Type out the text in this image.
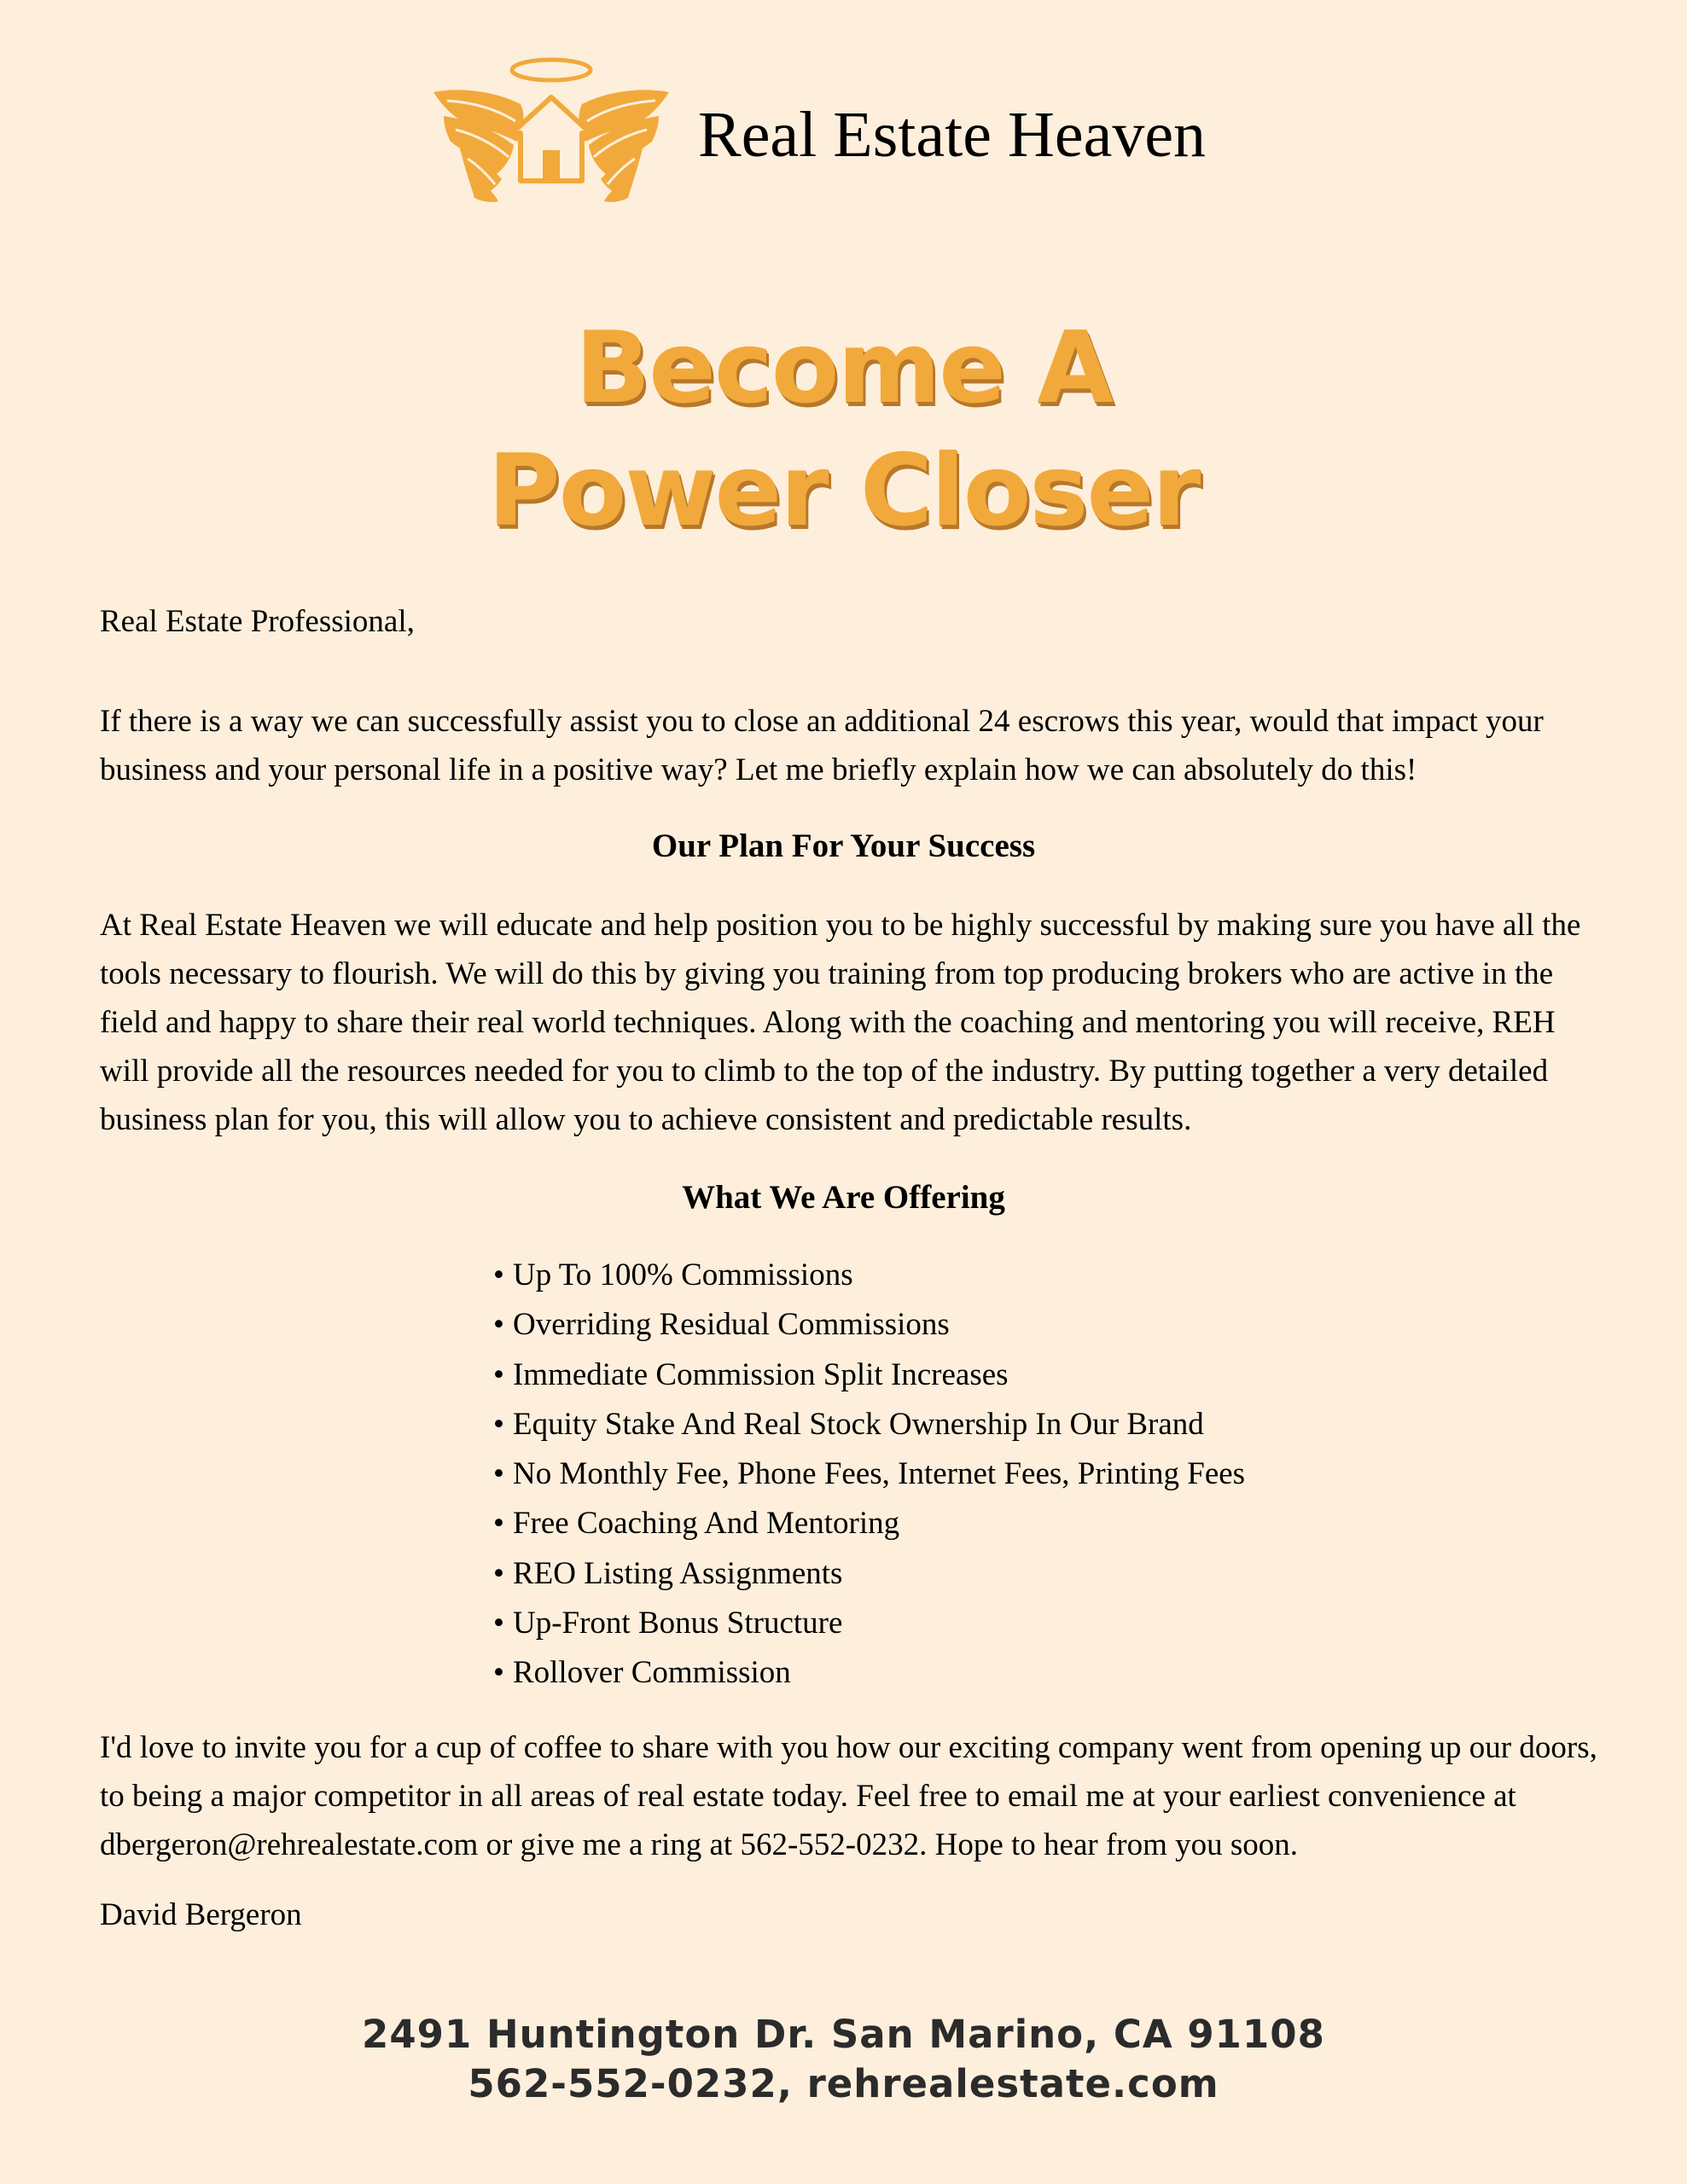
Real Estate Heaven
Become A
Power Closer
Real Estate Professional,
If there is a way we can successfully assist you to close an additional 24 escrows this year, would that impact your business and your personal life in a positive way? Let me briefly explain how we can absolutely do this!
Our Plan For Your Success
At Real Estate Heaven we will educate and help position you to be highly successful by making sure you have all the tools necessary to flourish. We will do this by giving you training from top producing brokers who are active in the field and happy to share their real world techniques. Along with the coaching and mentoring you will receive, REH will provide all the resources needed for you to climb to the top of the industry. By putting together a very detailed business plan for you, this will allow you to achieve consistent and predictable results.
What We Are Offering
• Up To 100% Commissions
• Overriding Residual Commissions
• Immediate Commission Split Increases
• Equity Stake And Real Stock Ownership In Our Brand
• No Monthly Fee, Phone Fees, Internet Fees, Printing Fees
• Free Coaching And Mentoring
• REO Listing Assignments
• Up-Front Bonus Structure
• Rollover Commission
I'd love to invite you for a cup of coffee to share with you how our exciting company went from opening up our doors, to being a major competitor in all areas of real estate today. Feel free to email me at your earliest convenience at dbergeron@rehrealestate.com or give me a ring at 562-552-0232. Hope to hear from you soon.
David Bergeron
2491 Huntington Dr. San Marino, CA 91108
562-552-0232, rehrealestate.com
